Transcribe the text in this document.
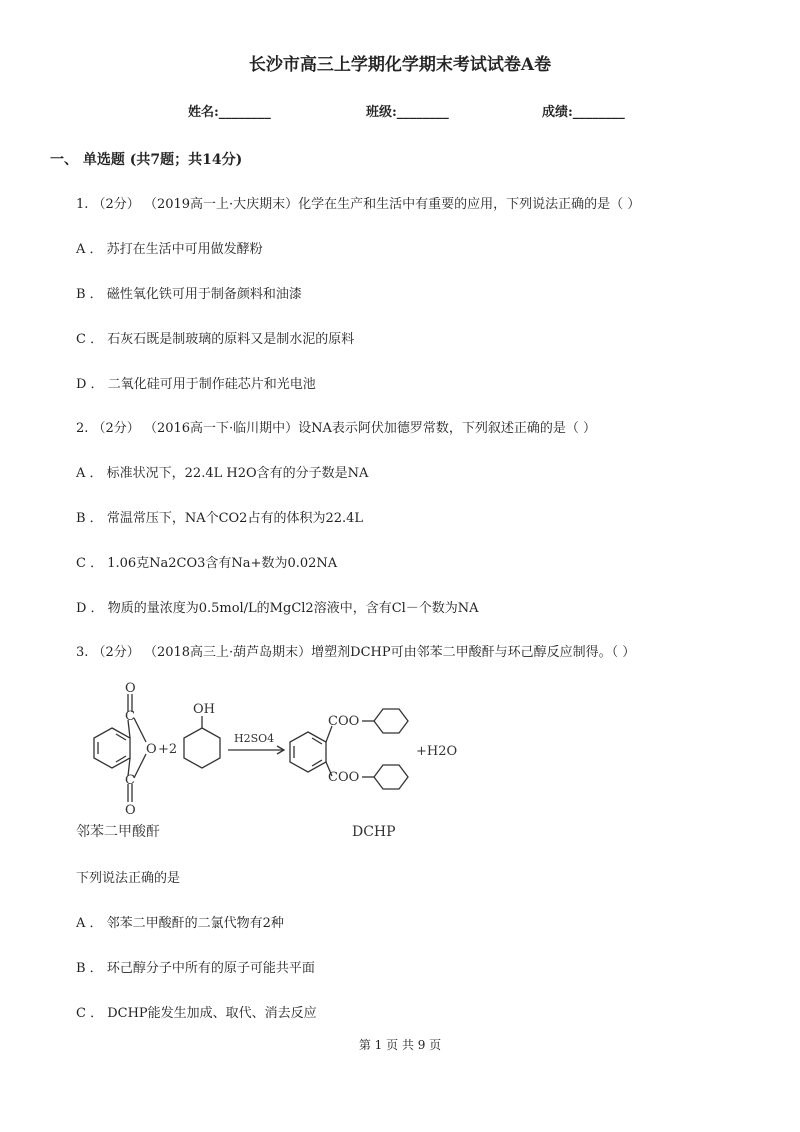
长沙市高三上学期化学期末考试试卷A卷
姓名:________	班级:________	成绩:________
一、 单选题 (共7题；共14分)
1. （2分） （2019高一上·大庆期末）化学在生产和生活中有重要的应用，下列说法正确的是（ ）
A ． 苏打在生活中可用做发酵粉
B ． 磁性氧化铁可用于制备颜料和油漆
C ． 石灰石既是制玻璃的原料又是制水泥的原料
D ． 二氧化硅可用于制作硅芯片和光电池
2. （2分） （2016高一下·临川期中）设NA表示阿伏加德罗常数，下列叙述正确的是（ ）
A ． 标准状况下，22.4L H2O含有的分子数是NA
B ． 常温常压下，NA个CO2占有的体积为22.4L
C ． 1.06克Na2CO3含有Na+数为0.02NA
D ． 物质的量浓度为0.5mol/L的MgCl2溶液中，含有Cl－个数为NA
3. （2分） （2018高三上·葫芦岛期末）增塑剂DCHP可由邻苯二甲酸酐与环己醇反应制得。（ ）
O
C
O +2
C
O
OH
H2SO4
COO
COO
+H2O
邻苯二甲酸酐	DCHP
下列说法正确的是
A ． 邻苯二甲酸酐的二氯代物有2种
B ． 环己醇分子中所有的原子可能共平面
C ． DCHP能发生加成、取代、消去反应
第 1 页 共 9 页
